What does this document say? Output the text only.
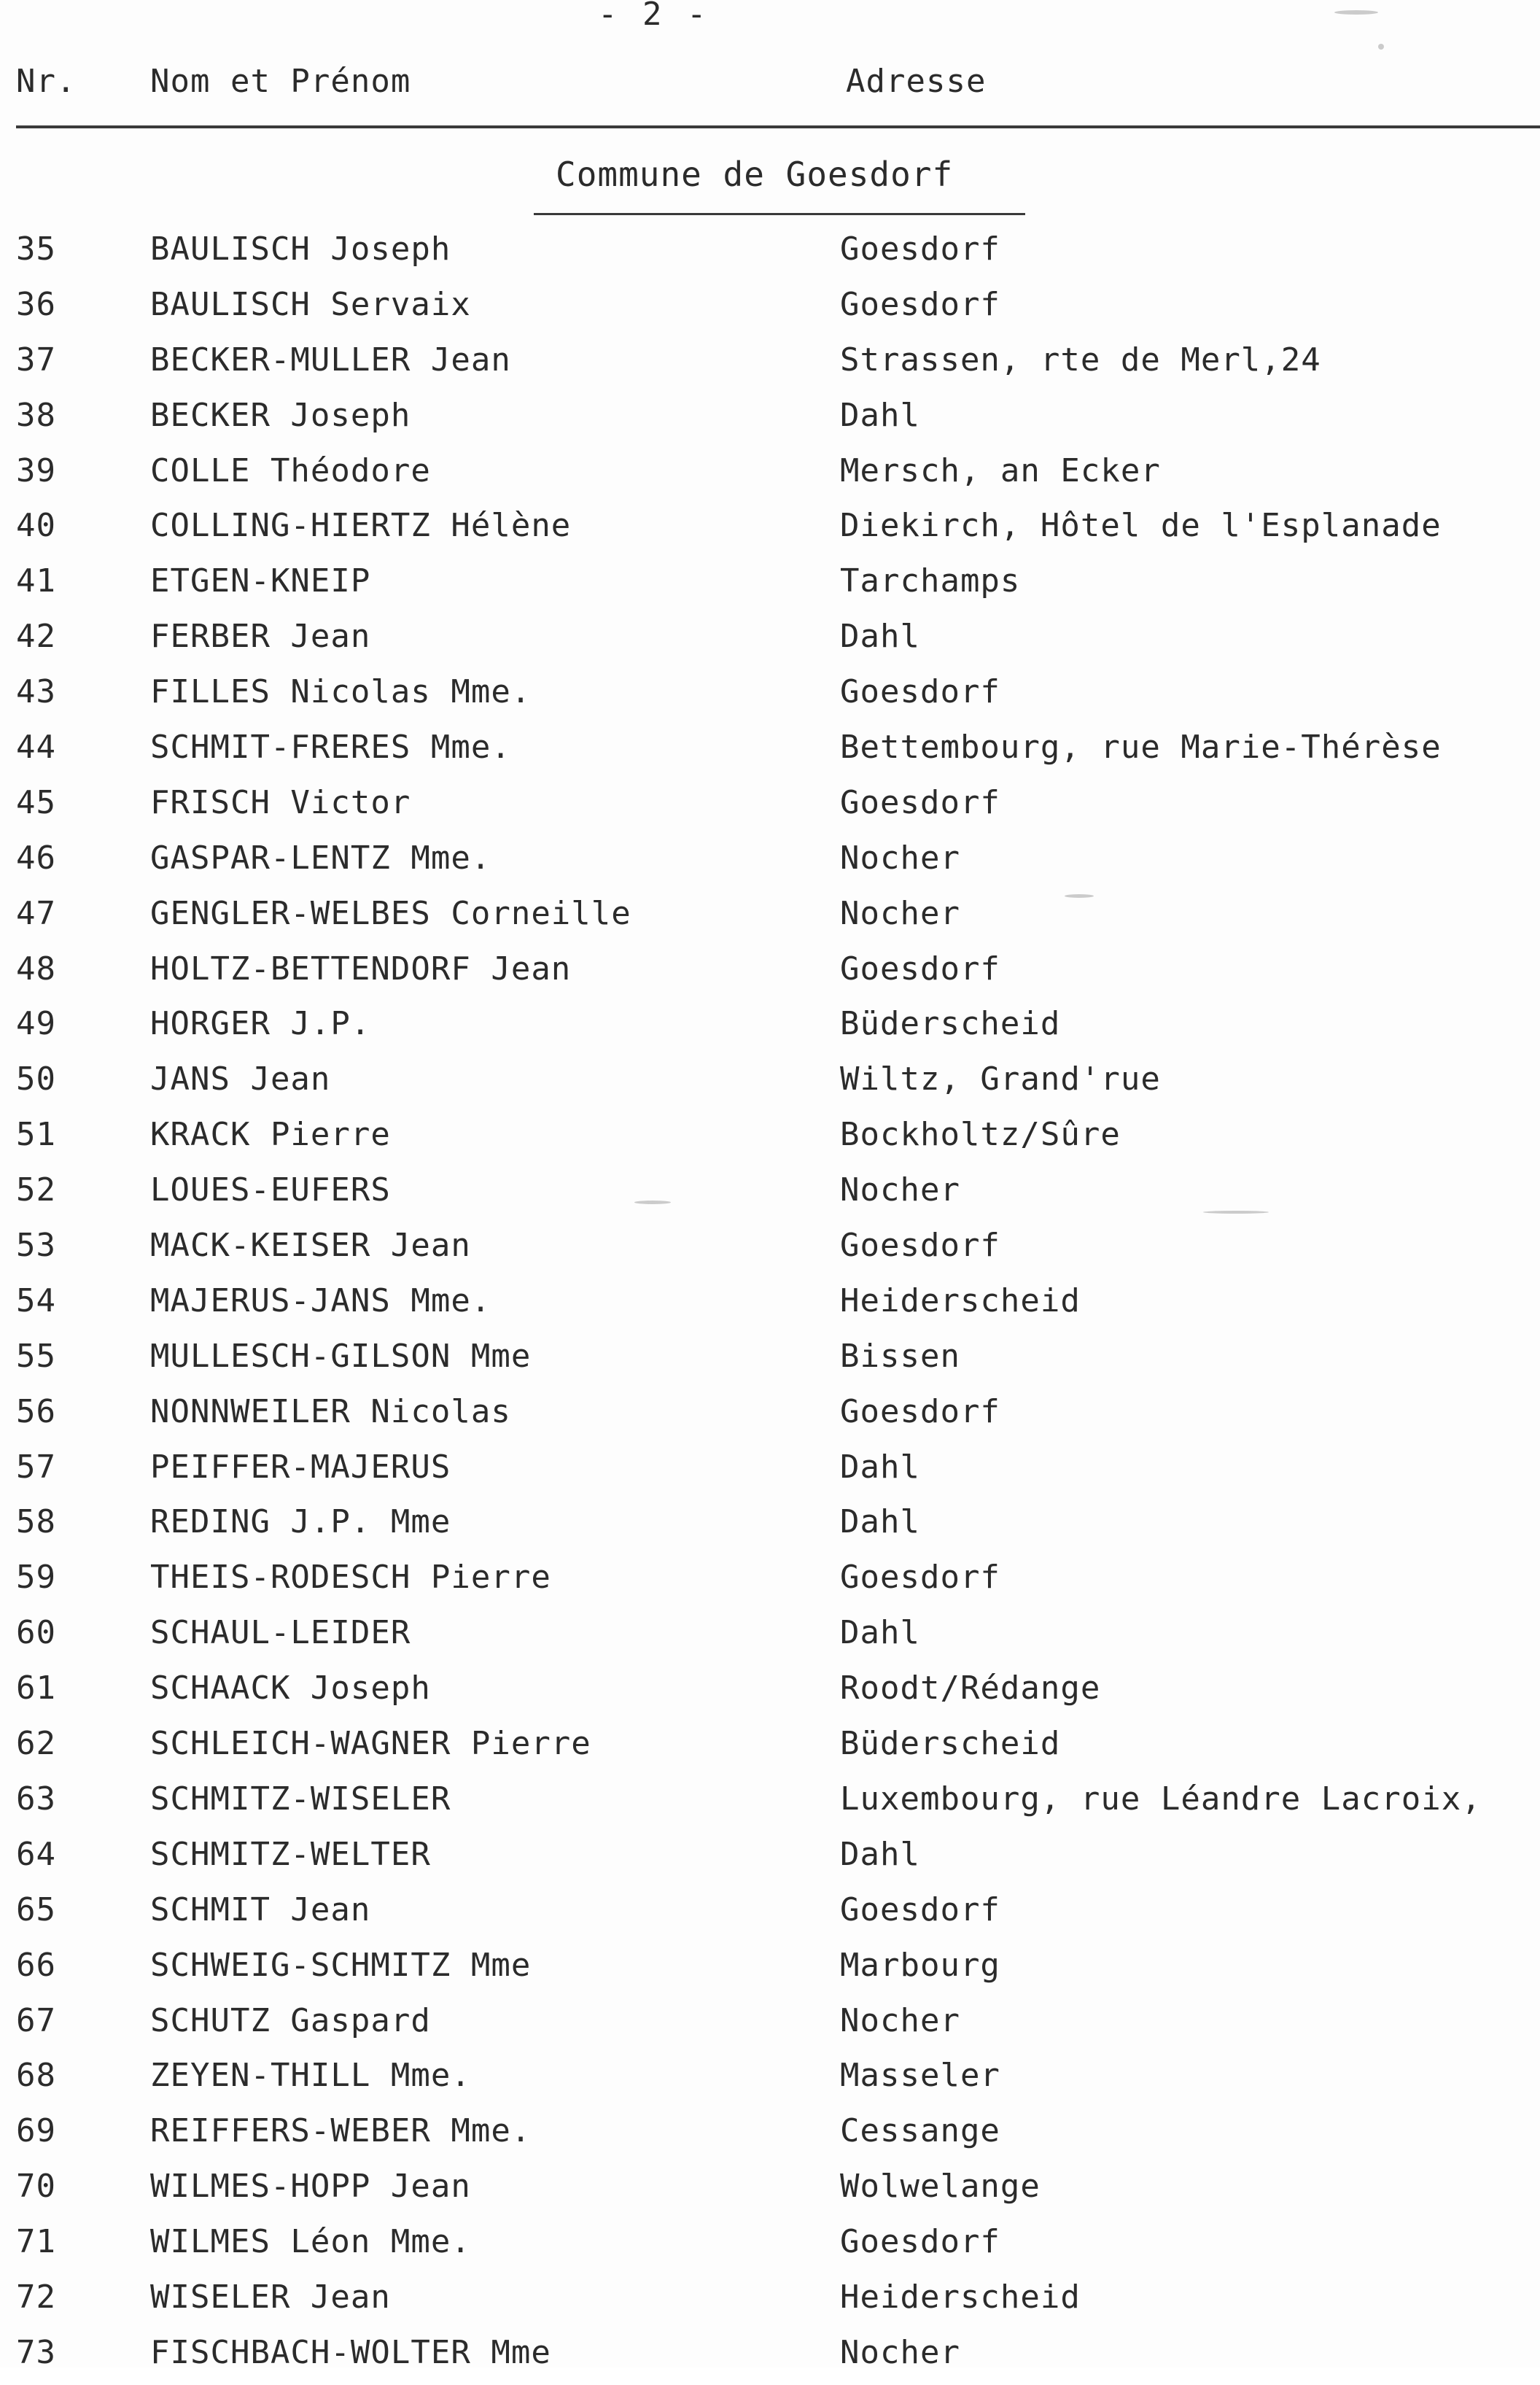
- 2 -
Nr. Nom et Prénom	Adresse
Commune de Goesdorf
35	BAULISCH Joseph	Goesdorf
36	BAULISCH Servaix	Goesdorf
37	BECKER-MULLER Jean	Strassen, rte de Merl,24
38	BECKER Joseph	Dahl
39	COLLE Théodore	Mersch, an Ecker
40	COLLING-HIERTZ Hélène	Diekirch, Hôtel de l'Esplanade
41	ETGEN-KNEIP	Tarchamps
42	FERBER Jean	Dahl
43	FILLES Nicolas Mme.	Goesdorf
44	SCHMIT-FRERES Mme.	Bettembourg, rue Marie-Thérèse
45	FRISCH Victor	Goesdorf
46	GASPAR-LENTZ Mme.	Nocher
47	GENGLER-WELBES Corneille	Nocher
48	HOLTZ-BETTENDORF Jean	Goesdorf
49	HORGER J.P.	Büderscheid
50	JANS Jean	Wiltz, Grand'rue
51	KRACK Pierre	Bockholtz/Sûre
52	LOUES-EUFERS	Nocher
53	MACK-KEISER Jean	Goesdorf
54	MAJERUS-JANS Mme.	Heiderscheid
55	MULLESCH-GILSON Mme	Bissen
56	NONNWEILER Nicolas	Goesdorf
57	PEIFFER-MAJERUS	Dahl
58	REDING J.P. Mme	Dahl
59	THEIS-RODESCH Pierre	Goesdorf
60	SCHAUL-LEIDER	Dahl
61	SCHAACK Joseph	Roodt/Rédange
62	SCHLEICH-WAGNER Pierre	Büderscheid
63	SCHMITZ-WISELER	Luxembourg, rue Léandre Lacroix,
64	SCHMITZ-WELTER	Dahl
65	SCHMIT Jean	Goesdorf
66	SCHWEIG-SCHMITZ Mme	Marbourg
67	SCHUTZ Gaspard	Nocher
68	ZEYEN-THILL Mme.	Masseler
69	REIFFERS-WEBER Mme.	Cessange
70	WILMES-HOPP Jean	Wolwelange
71	WILMES Léon Mme.	Goesdorf
72	WISELER Jean	Heiderscheid
73	FISCHBACH-WOLTER Mme	Nocher
